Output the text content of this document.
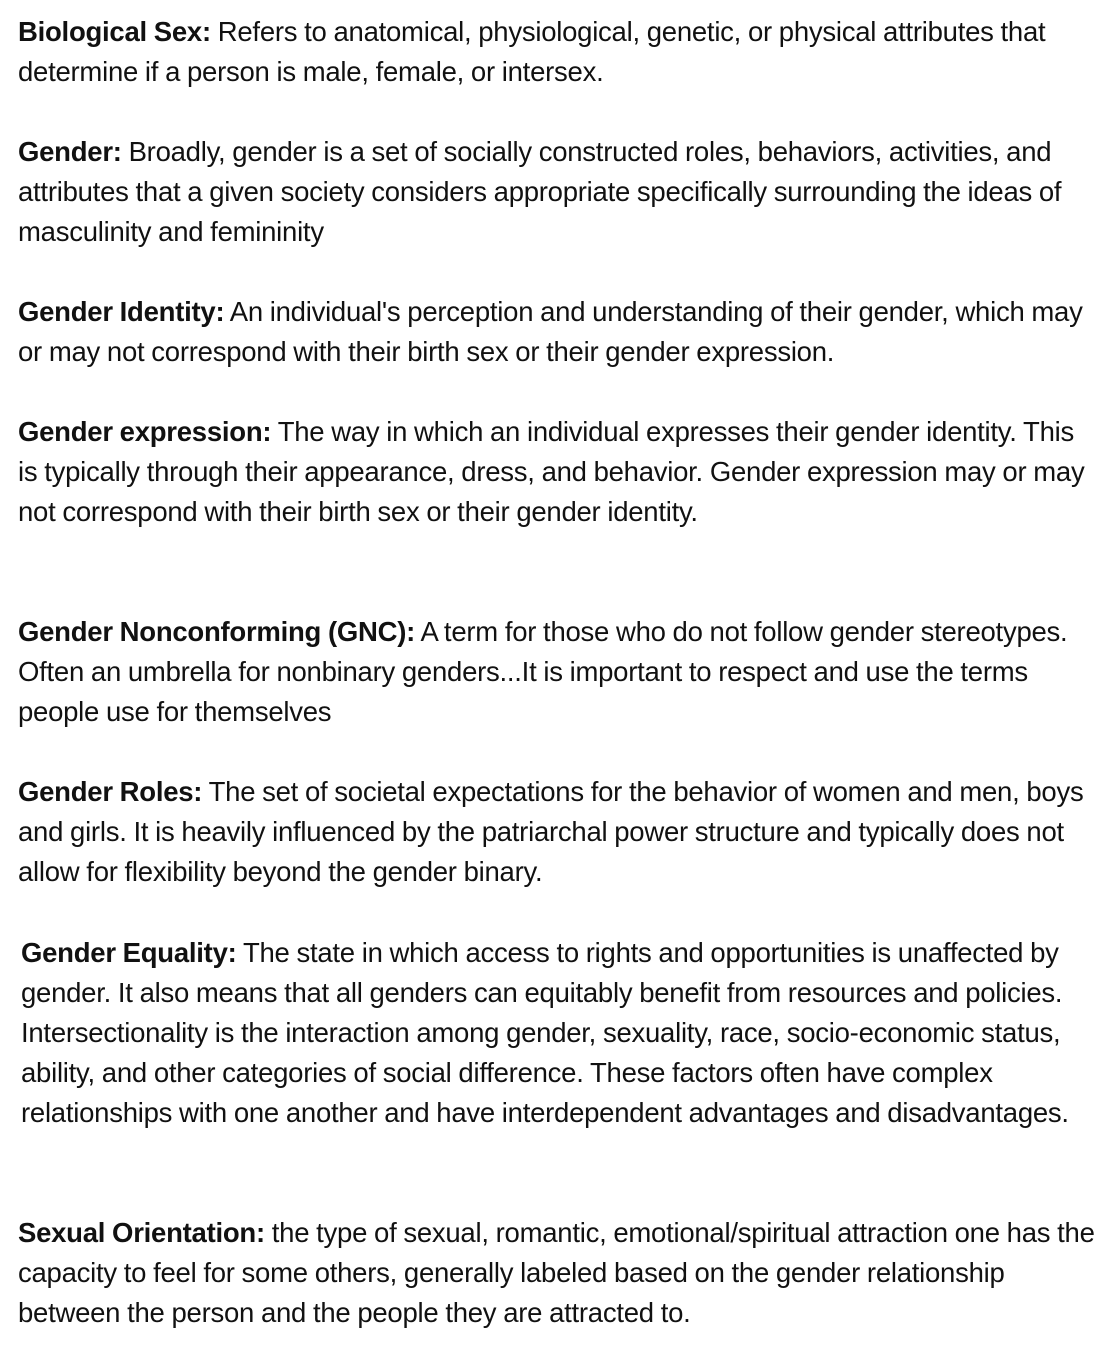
Biological Sex: Refers to anatomical, physiological, genetic, or physical attributes that determine if a person is male, female, or intersex.

Gender: Broadly, gender is a set of socially constructed roles, behaviors, activities, and attributes that a given society considers appropriate specifically surrounding the ideas of masculinity and femininity

Gender Identity: An individual's perception and understanding of their gender, which may or may not correspond with their birth sex or their gender expression.

Gender expression: The way in which an individual expresses their gender identity. This is typically through their appearance, dress, and behavior. Gender expression may or may not correspond with their birth sex or their gender identity.

Gender Nonconforming (GNC): A term for those who do not follow gender stereotypes. Often an umbrella for nonbinary genders...It is important to respect and use the terms people use for themselves

Gender Roles: The set of societal expectations for the behavior of women and men, boys and girls. It is heavily influenced by the patriarchal power structure and typically does not allow for flexibility beyond the gender binary.

Gender Equality: The state in which access to rights and opportunities is unaffected by gender. It also means that all genders can equitably benefit from resources and policies. Intersectionality is the interaction among gender, sexuality, race, socio-economic status, ability, and other categories of social difference. These factors often have complex relationships with one another and have interdependent advantages and disadvantages.

Sexual Orientation: the type of sexual, romantic, emotional/spiritual attraction one has the capacity to feel for some others, generally labeled based on the gender relationship between the person and the people they are attracted to.
